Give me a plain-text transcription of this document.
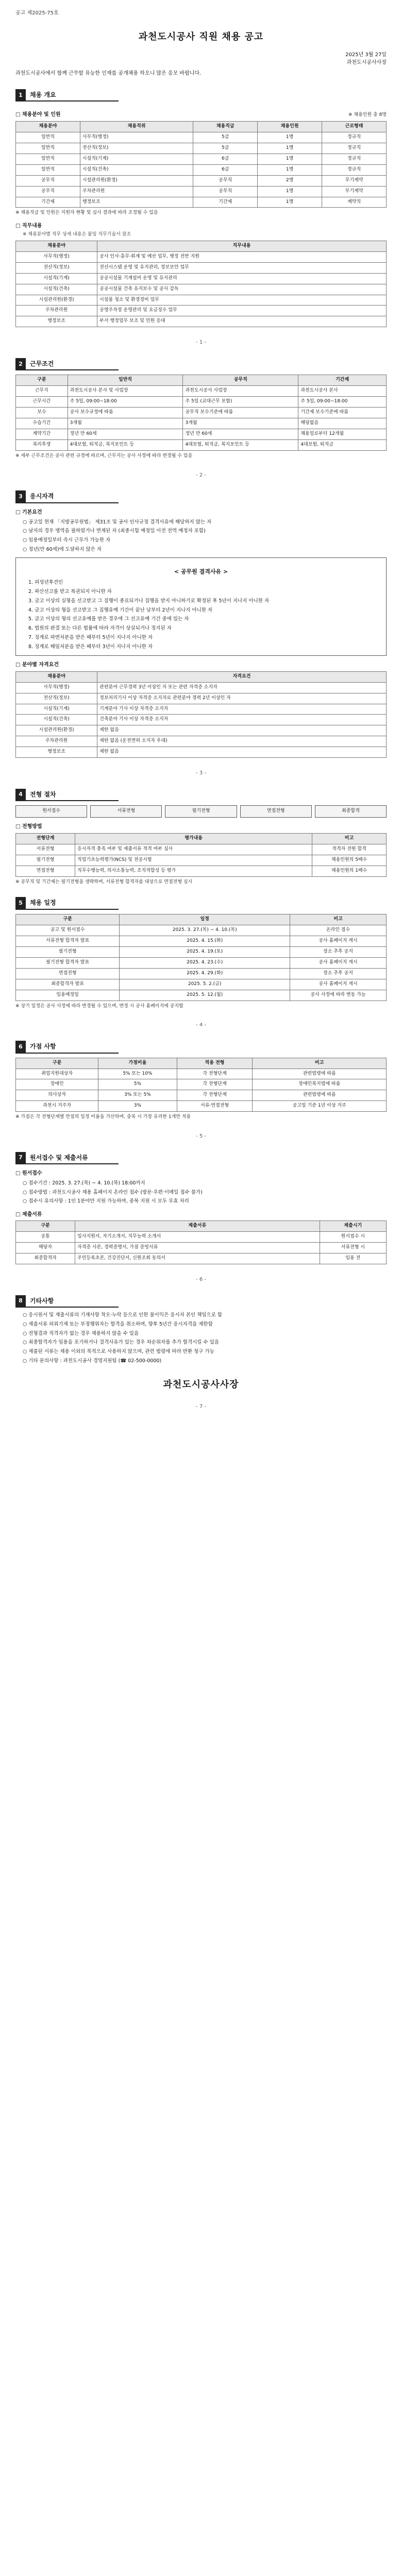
공고 제2025-75호
과천도시공사 직원 채용 공고
2025년 3월 27일
과천도시공사사장
과천도시공사에서 함께 근무할 유능한 인재를 공개채용 하오니 많은 응모 바랍니다.
1	채용 개요
□ 채용분야 및 인원	※ 채용인원 총 8명
채용분야	채용직위	채용직급	채용인원	근로형태
일반직	사무직(행정)	5급	1명	정규직
일반직	전산직(정보)	5급	1명	정규직
일반직	시설직(기계)	6급	1명	정규직
일반직	시설직(건축)	6급	1명	정규직
공무직	시설관리원(환경)	공무직	2명	무기계약
공무직	주차관리원	공무직	1명	무기계약
기간제	행정보조	기간제	1명	계약직
※ 채용직급 및 인원은 지원자 현황 및 심사 결과에 따라 조정될 수 있음
□ 직무내용
※ 채용분야별 직무 상세 내용은 붙임 직무기술서 참조
채용분야	직무내용
사무직(행정)	공사 인사·총무·회계 및 예산 업무, 행정 전반 지원
전산직(정보)	전산시스템 운영 및 유지관리, 정보보안 업무
시설직(기계)	공공시설물 기계설비 운영 및 유지관리
시설직(건축)	공공시설물 건축 유지보수 및 공사 감독
시설관리원(환경)	시설물 청소 및 환경정비 업무
주차관리원	공영주차장 운영관리 및 요금징수 업무
행정보조	부서 행정업무 보조 및 민원 응대
- 1 -
2	근무조건
구분	일반직	공무직	기간제
근무지	과천도시공사 본사 및 사업장	과천도시공사 사업장	과천도시공사 본사
근무시간	주 5일, 09:00~18:00	주 5일 (교대근무 포함)	주 5일, 09:00~18:00
보수	공사 보수규정에 따름	공무직 보수기준에 따름	기간제 보수기준에 따름
수습기간	3개월	3개월	해당없음
계약기간	정년 만 60세	정년 만 60세	채용일로부터 12개월
복리후생	4대보험, 퇴직금, 복지포인트 등	4대보험, 퇴직금, 복지포인트 등	4대보험, 퇴직금
※ 세부 근무조건은 공사 관련 규정에 따르며, 근무지는 공사 사정에 따라 변경될 수 있음
- 2 -
3	응시자격
□ 기본요건
○ 공고일 현재 「지방공무원법」 제31조 및 공사 인사규정 결격사유에 해당하지 않는 자
○ 남자의 경우 병역을 필하였거나 면제된 자 (최종시험 예정일 이전 전역 예정자 포함)
○ 임용예정일부터 즉시 근무가 가능한 자
○ 정년(만 60세)에 도달하지 않은 자
< 공무원 결격사유 >
1. 피성년후견인
2. 파산선고를 받고 복권되지 아니한 자
3. 금고 이상의 실형을 선고받고 그 집행이 종료되거나 집행을 받지 아니하기로 확정된 후 5년이 지나지 아니한 자
4. 금고 이상의 형을 선고받고 그 집행유예 기간이 끝난 날부터 2년이 지나지 아니한 자
5. 금고 이상의 형의 선고유예를 받은 경우에 그 선고유예 기간 중에 있는 자
6. 법원의 판결 또는 다른 법률에 따라 자격이 상실되거나 정지된 자
7. 징계로 파면처분을 받은 때부터 5년이 지나지 아니한 자
8. 징계로 해임처분을 받은 때부터 3년이 지나지 아니한 자
□ 분야별 자격요건
채용분야	자격요건
사무직(행정)	관련분야 근무경력 3년 이상인 자 또는 관련 자격증 소지자
전산직(정보)	정보처리기사 이상 자격증 소지자로 관련분야 경력 2년 이상인 자
시설직(기계)	기계분야 기사 이상 자격증 소지자
시설직(건축)	건축분야 기사 이상 자격증 소지자
시설관리원(환경)	제한 없음
주차관리원	제한 없음 (운전면허 소지자 우대)
행정보조	제한 없음
- 3 -
4	전형 절차
원서접수	서류전형	필기전형	면접전형	최종합격
□ 전형방법
전형단계	평가내용	비고
서류전형	응시자격 충족 여부 및 제출서류 적격 여부 심사	적격자 전원 합격
필기전형	직업기초능력평가(NCS) 및 전공시험	채용인원의 5배수
면접전형	직무수행능력, 의사소통능력, 조직적합성 등 평가	채용인원의 1배수
※ 공무직 및 기간제는 필기전형을 생략하며, 서류전형 합격자를 대상으로 면접전형 실시
5	채용 일정
구분	일정	비고
공고 및 원서접수	2025. 3. 27.(목) ~ 4. 10.(목)	온라인 접수
서류전형 합격자 발표	2025. 4. 15.(화)	공사 홈페이지 게시
필기전형	2025. 4. 19.(토)	장소 추후 공지
필기전형 합격자 발표	2025. 4. 23.(수)	공사 홈페이지 게시
면접전형	2025. 4. 29.(화)	장소 추후 공지
최종합격자 발표	2025. 5. 2.(금)	공사 홈페이지 게시
임용예정일	2025. 5. 12.(월)	공사 사정에 따라 변동 가능
※ 상기 일정은 공사 사정에 따라 변경될 수 있으며, 변경 시 공사 홈페이지에 공지함
- 4 -
6	가점 사항
구분	가점비율	적용 전형	비고
취업지원대상자	5% 또는 10%	각 전형단계	관련법령에 따름
장애인	5%	각 전형단계	장애인복지법에 따름
의사상자	3% 또는 5%	각 전형단계	관련법령에 따름
과천시 거주자	3%	서류·면접전형	공고일 기준 1년 이상 거주
※ 가점은 각 전형단계별 만점의 일정 비율을 가산하며, 중복 시 가장 유리한 1개만 적용
- 5 -
7	원서접수 및 제출서류
□ 원서접수
○ 접수기간 : 2025. 3. 27.(목) ~ 4. 10.(목) 18:00까지
○ 접수방법 : 과천도시공사 채용 홈페이지 온라인 접수 (방문·우편·이메일 접수 불가)
○ 접수시 유의사항 : 1인 1분야만 지원 가능하며, 중복 지원 시 모두 무효 처리
□ 제출서류
구분	제출서류	제출시기
공통	입사지원서, 자기소개서, 직무능력 소개서	원서접수 시
해당자	자격증 사본, 경력증명서, 가점 증빙서류	서류전형 시
최종합격자	주민등록초본, 건강진단서, 신원조회 동의서	임용 전
- 6 -
8	기타사항
○ 응시원서 및 제출서류의 기재사항 착오·누락 등으로 인한 불이익은 응시자 본인 책임으로 함
○ 제출서류 허위기재 또는 부정행위자는 합격을 취소하며, 향후 5년간 응시자격을 제한함
○ 전형결과 적격자가 없는 경우 채용하지 않을 수 있음
○ 최종합격자가 임용을 포기하거나 결격사유가 있는 경우 차순위자를 추가 합격시킬 수 있음
○ 제출된 서류는 채용 이외의 목적으로 사용하지 않으며, 관련 법령에 따라 반환 청구 가능
○ 기타 문의사항 : 과천도시공사 경영지원팀 (☎ 02-500-0000)
과천도시공사사장
- 7 -
